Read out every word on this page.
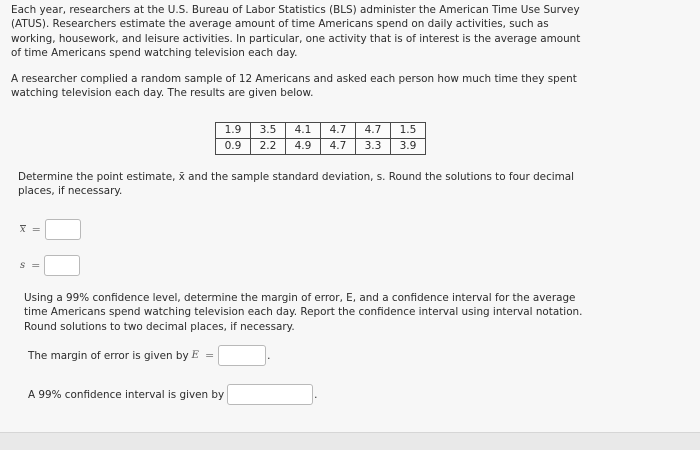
Each year, researchers at the U.S. Bureau of Labor Statistics (BLS) administer the American Time Use Survey
(ATUS). Researchers estimate the average amount of time Americans spend on daily activities, such as
working, housework, and leisure activities. In particular, one activity that is of interest is the average amount
of time Americans spend watching television each day.

A researcher complied a random sample of 12 Americans and asked each person how much time they spent
watching television each day. The results are given below.

1.9	3.5	4.1	4.7	4.7	1.5
0.9	2.2	4.9	4.7	3.3	3.9

Determine the point estimate, x̄ and the sample standard deviation, s. Round the solutions to four decimal
places, if necessary.

x =
s =

Using a 99% confidence level, determine the margin of error, E, and a confidence interval for the average
time Americans spend watching television each day. Report the confidence interval using interval notation.
Round solutions to two decimal places, if necessary.

The margin of error is given by E =	.
A 99% confidence interval is given by	.
